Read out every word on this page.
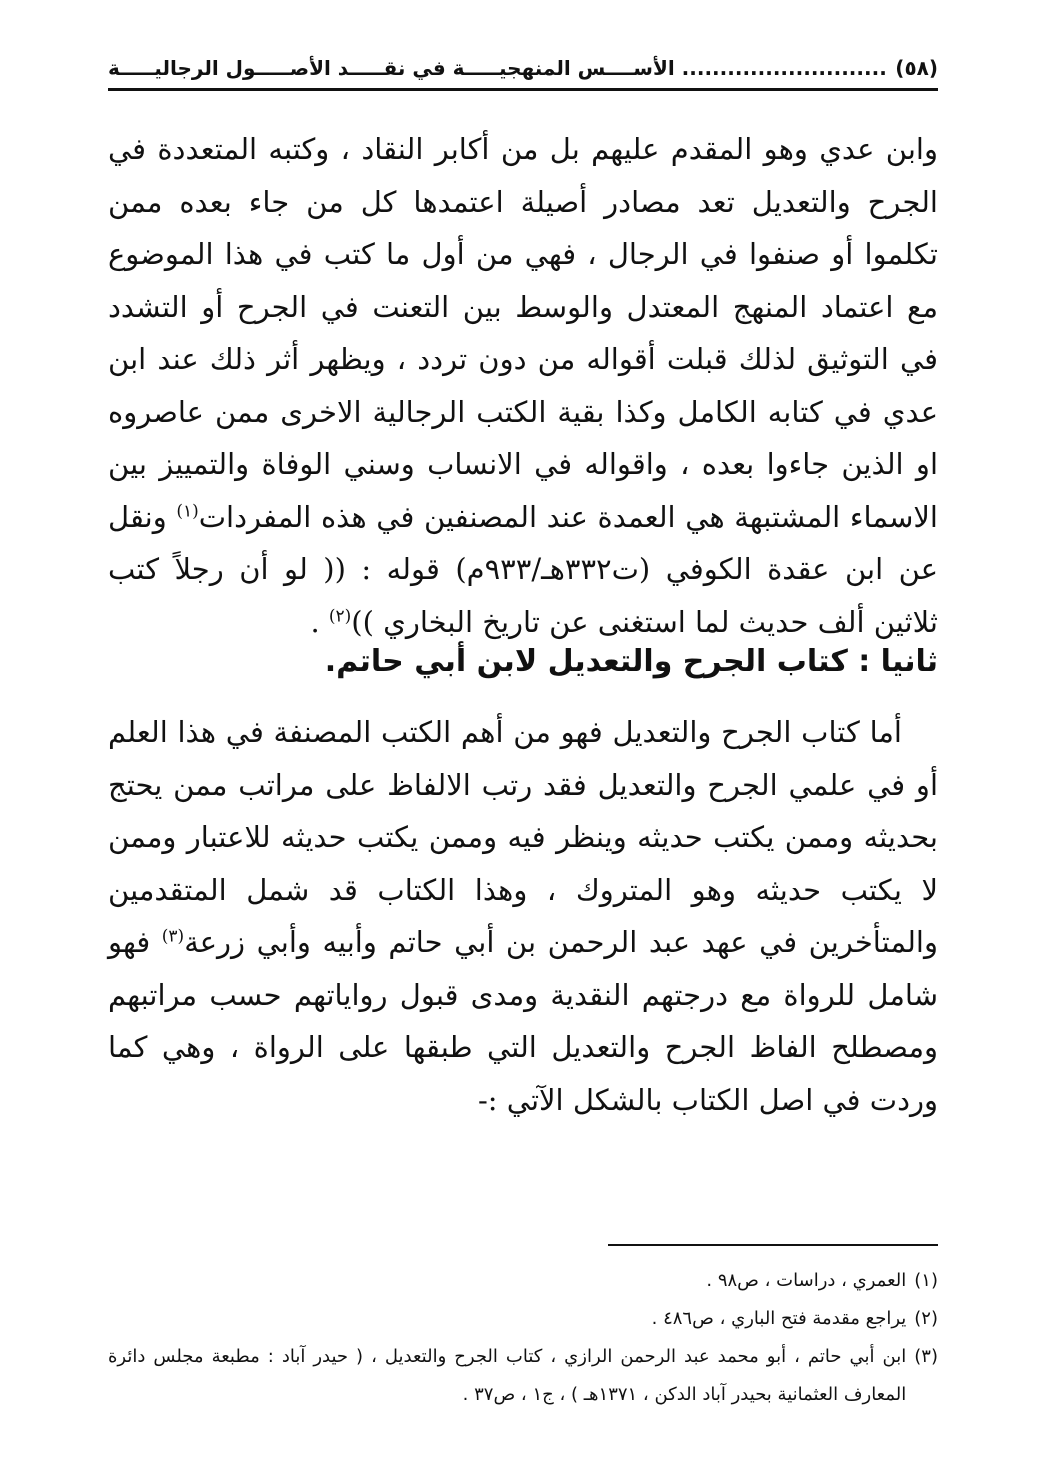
(٥٨)
........................... الأســــس المنهجيـــــة في نقـــــد الأصـــــول الرجاليـــــة

وابن عدي وهو المقدم عليهم بل من أكابر النقاد ، وكتبه المتعددة في الجرح والتعديل تعد مصادر أصيلة اعتمدها كل من جاء بعده ممن تكلموا أو صنفوا في الرجال ، فهي من أول ما كتب في هذا الموضوع مع اعتماد المنهج المعتدل والوسط بين التعنت في الجرح أو التشدد في التوثيق لذلك قبلت أقواله من دون تردد ، ويظهر أثر ذلك عند ابن عدي في كتابه الكامل وكذا بقية الكتب الرجالية الاخرى ممن عاصروه او الذين جاءوا بعده ، واقواله في الانساب وسني الوفاة والتمييز بين الاسماء المشتبهة هي العمدة عند المصنفين في هذه المفردات$^{(١)}$ ونقل عن ابن عقدة الكوفي (ت٣٣٢هـ/٩٣٣م) قوله : (( لو أن رجلاً كتب ثلاثين ألف حديث لما استغنى عن تاريخ البخاري ))$^{(٢)}$ .

ثانيا : كتاب الجرح والتعديل لابن أبي حاتم.

أما كتاب الجرح والتعديل فهو من أهم الكتب المصنفة في هذا العلم أو في علمي الجرح والتعديل فقد رتب الالفاظ على مراتب ممن يحتج بحديثه وممن يكتب حديثه وينظر فيه وممن يكتب حديثه للاعتبار وممن لا يكتب حديثه وهو المتروك ، وهذا الكتاب قد شمل المتقدمين والمتأخرين في عهد عبد الرحمن بن أبي حاتم وأبيه وأبي زرعة$^{(٣)}$ فهو شامل للرواة مع درجتهم النقدية ومدى قبول رواياتهم حسب مراتبهم ومصطلح الفاظ الجرح والتعديل التي طبقها على الرواة ، وهي كما وردت في اصل الكتاب بالشكل الآتي :-

(١)
العمري ، دراسات ، ص٩٨ .
(٢)
يراجع مقدمة فتح الباري ، ص٤٨٦ .
(٣)
ابن أبي حاتم ، أبو محمد عبد الرحمن الرازي ، كتاب الجرح والتعديل ، ( حيدر آباد : مطبعة مجلس دائرة المعارف العثمانية بحيدر آباد الدكن ، ١٣٧١هـ ) ، ج١ ، ص٣٧ .
